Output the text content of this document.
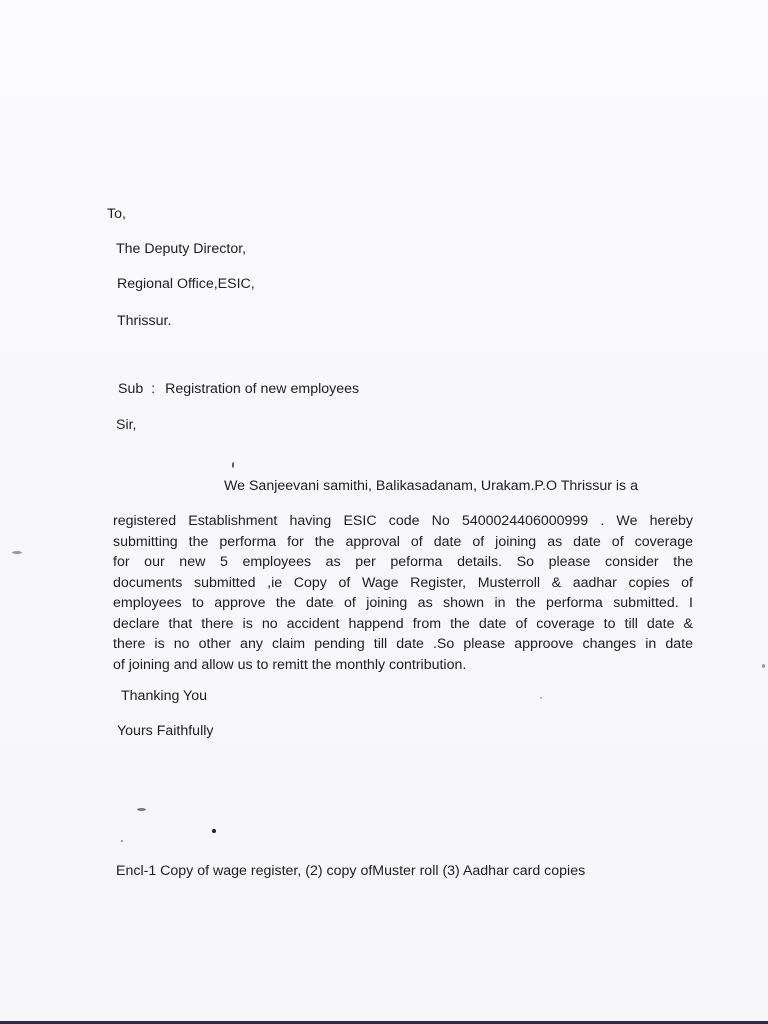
To,

The Deputy Director,

Regional Office,ESIC,

Thrissur.

Sub : Registration of new employees

Sir,

We Sanjeevani samithi, Balikasadanam, Urakam.P.O Thrissur is a

registered Establishment having ESIC code No 5400024406000999 . We hereby
submitting the performa for the approval of date of joining as date of coverage
for our new 5 employees as per peforma details. So please consider the
documents submitted ,ie Copy of Wage Register, Musterroll & aadhar copies of
employees to approve the date of joining as shown in the performa submitted. I
declare that there is no accident happend from the date of coverage to till date &
there is no other any claim pending till date .So please approove changes in date
of joining and allow us to remitt the monthly contribution.

Thanking You

Yours Faithfully

Encl-1 Copy of wage register, (2) copy ofMuster roll (3) Aadhar card copies
